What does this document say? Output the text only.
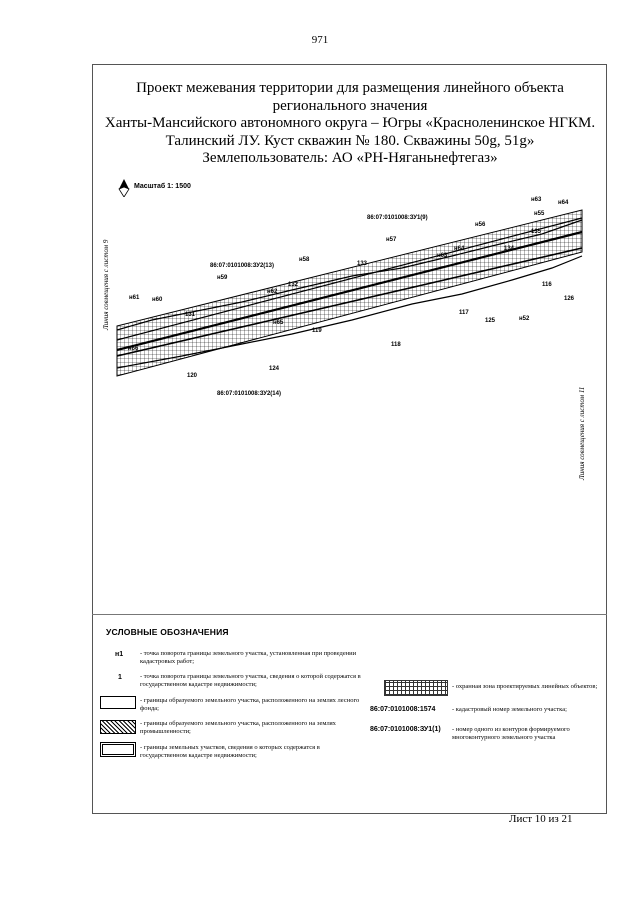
971
Проект межевания территории для размещения линейного объекта
регионального значения
Ханты-Мансийского автономного округа – Югры «Красноленинское НГКМ.
Талинский ЛУ. Куст скважин № 180. Скважины 50g, 51g»
Землепользователь: АО «РН-Няганьнефтегаз»
Масштаб 1: 1500
Линия совмещения с листом 9
Линия совмещения с листом 11
86:07:0101008:ЗУ1(9)
86:07:0101008:ЗУ2(13)
86:07:0101008:ЗУ2(14)
н63	н64
н55
135
н56
н57
134
н64
н63
133
н58
н59
н62
132
н61 н60
131
119
118
117
125	н52
116
126
120
124
н65
н66
УСЛОВНЫЕ ОБОЗНАЧЕНИЯ
н1	- точка поворота границы земельного участка, установленная при проведении кадастровых работ;
1	- точка поворота границы земельного участка, сведения о которой содержатся в государственном кадастре недвижимости;
- границы образуемого земельного участка, расположенного на землях лесного фонда;
- границы образуемого земельного участка, расположенного на землях промышленности;
- границы земельных участков, сведения о которых содержатся в государственном кадастре недвижимости;
- охранная зона проектируемых линейных объектов;
86:07:0101008:1574	- кадастровый номер земельного участка;
86:07:0101008:ЗУ1(1) - номер одного из контуров формируемого многоконтурного земельного участка
Лист 10 из 21
